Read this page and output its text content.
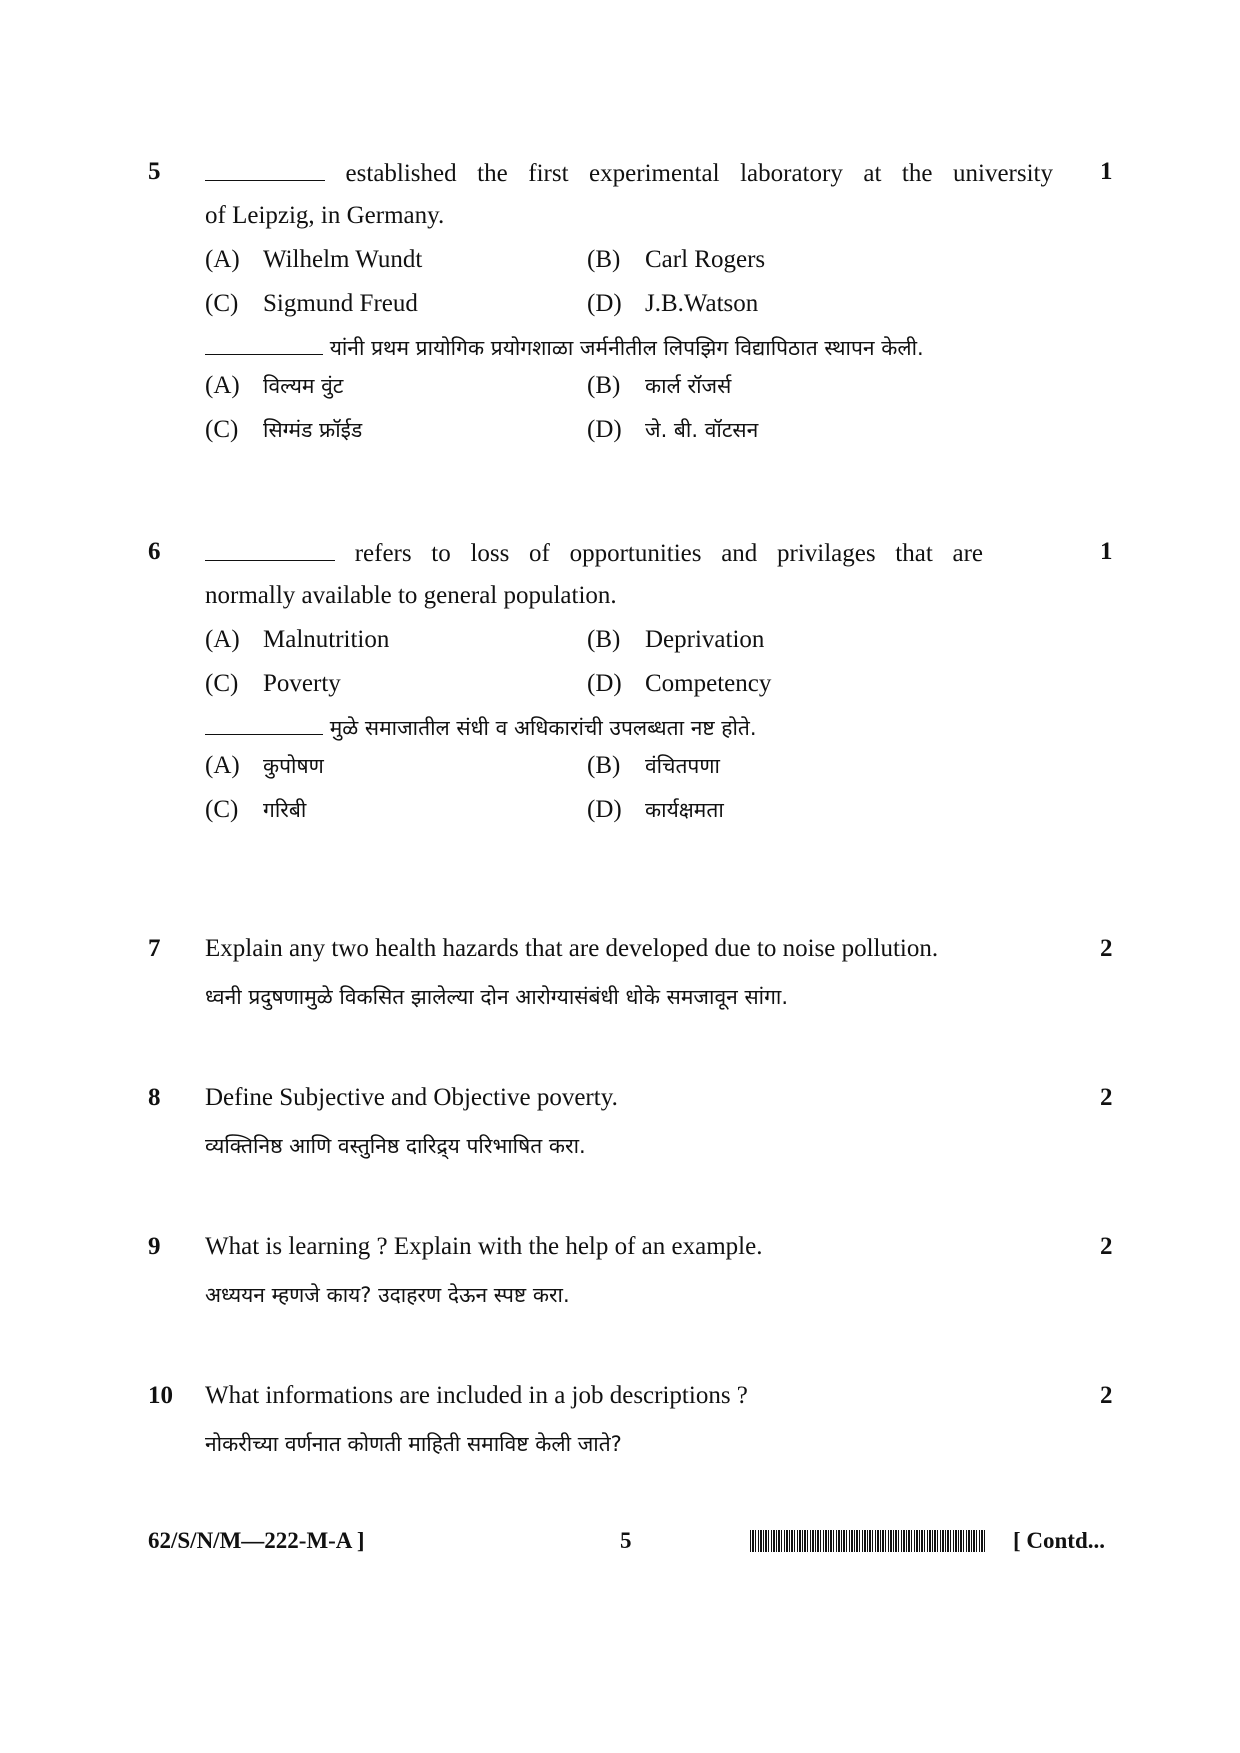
5	established the first experimental laboratory at the university 1
of Leipzig, in Germany.
(A) Wilhelm Wundt	(B) Carl Rogers
(C) Sigmund Freud	(D) J.B.Watson
यांनी प्रथम प्रायोगिक प्रयोगशाळा जर्मनीतील लिपझिग विद्यापिठात स्थापन केली.
(A) विल्यम वुंट	(B) कार्ल रॉजर्स
(C) सिग्मंड फ्रॉईड	(D) जे. बी. वॉटसन
6	refers to loss of opportunities and privilages that are	1
normally available to general population.
(A) Malnutrition	(B) Deprivation
(C) Poverty	(D) Competency
मुळे समाजातील संधी व अधिकारांची उपलब्धता नष्ट होते.
(A) कुपोषण	(B) वंचितपणा
(C) गरिबी	(D) कार्यक्षमता
7 Explain any two health hazards that are developed due to noise pollution.	2
ध्वनी प्रदुषणामुळे विकसित झालेल्या दोन आरोग्यासंबंधी धोके समजावून सांगा.
8 Define Subjective and Objective poverty.	2
व्यक्तिनिष्ठ आणि वस्तुनिष्ठ दारिद्र्य परिभाषित करा.
9 What is learning ? Explain with the help of an example.	2
अध्ययन म्हणजे काय? उदाहरण देऊन स्पष्ट करा.
10 What informations are included in a job descriptions ?	2
नोकरीच्या वर्णनात कोणती माहिती समाविष्ट केली जाते?
62/S/N/M—222-M-A ]	5	[ Contd...
